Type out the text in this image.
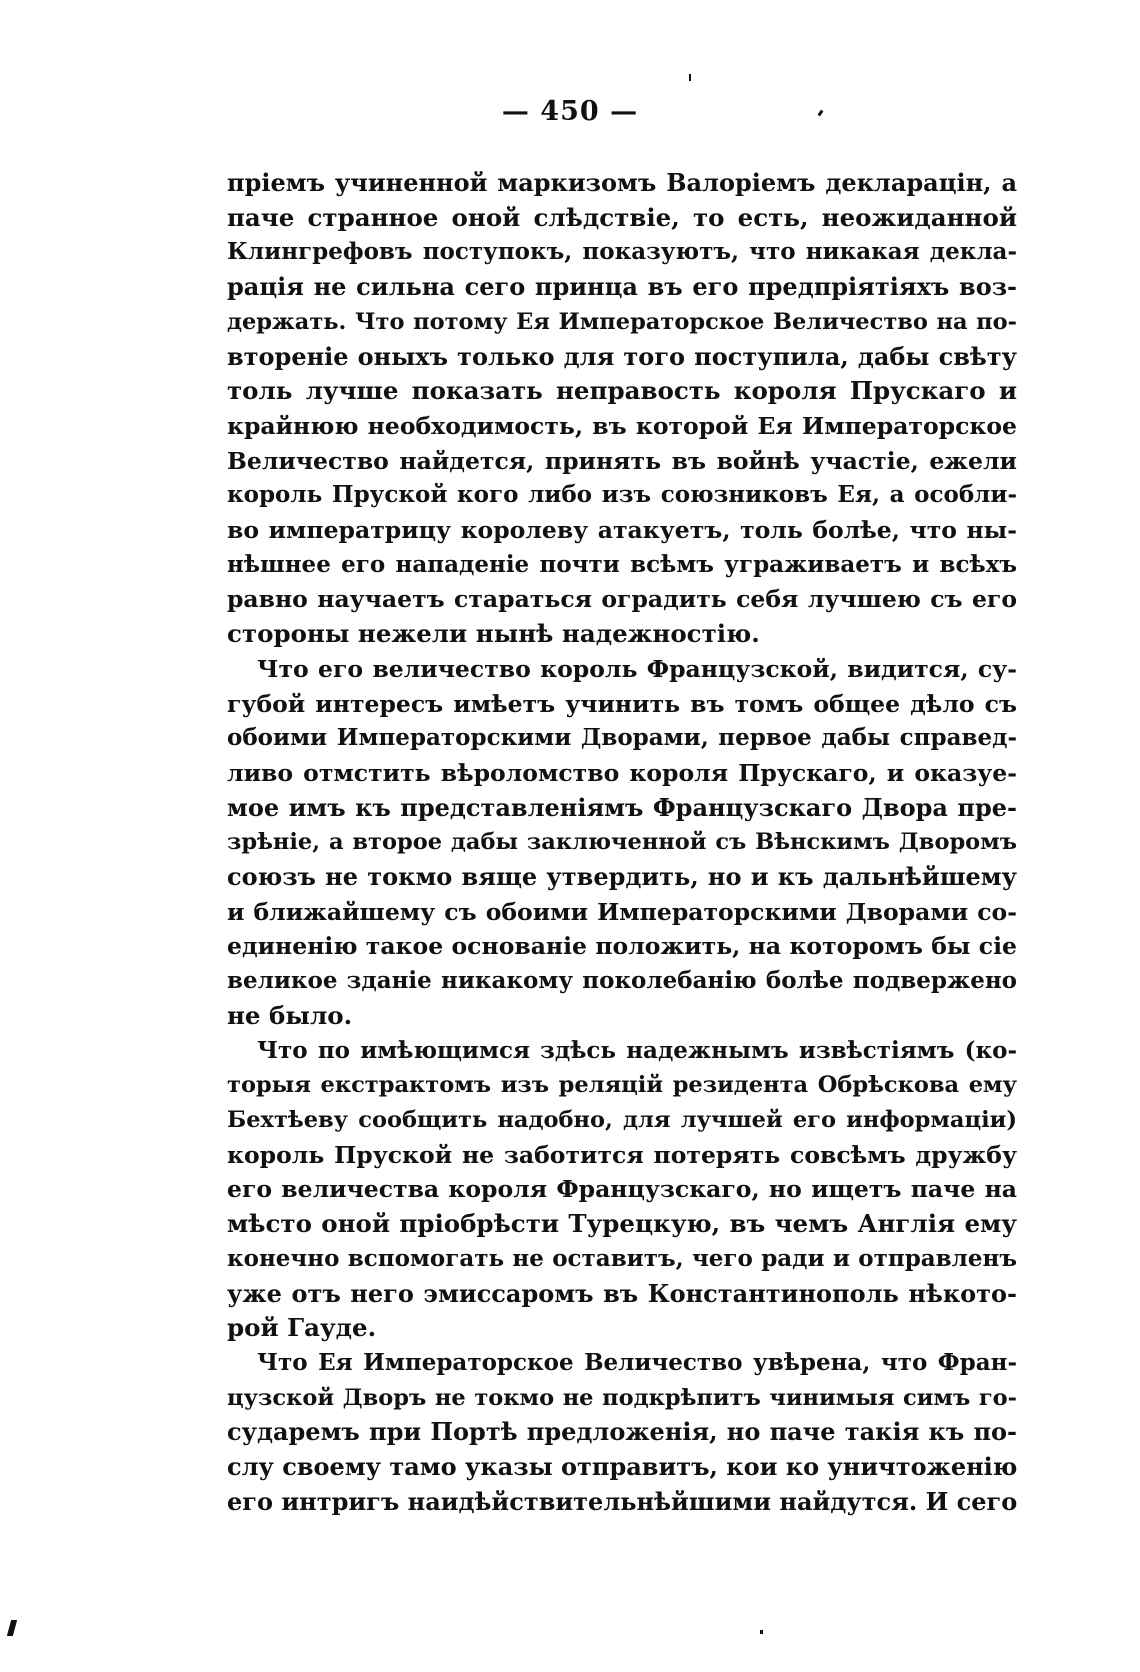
— 450 —
пріемъ учиненной маркизомъ Валоріемъ декларацін, а
паче странное оной слѣдствіе, то есть, неожиданной
Клингрефовъ поступокъ, показуютъ, что никакая декла-
рація не сильна сего принца въ его предпріятіяхъ воз-
держать. Что потому Ея Императорское Величество на по-
втореніе оныхъ только для того поступила, дабы свѣту
толь лучше показать неправость короля Прускаго и
крайнюю необходимость, въ которой Ея Императорское
Величество найдется, принять въ войнѣ участіе, ежели
король Пруской кого либо изъ союзниковъ Ея, а особли-
во императрицу королеву атакуетъ, толь болѣе, что ны-
нѣшнее его нападеніе почти всѣмъ уграживаетъ и всѣхъ
равно научаетъ стараться оградить себя лучшею съ его
стороны нежели нынѣ надежностію.
Что его величество король Французской, видится, су-
губой интересъ имѣетъ учинить въ томъ общее дѣло съ
обоими Императорскими Дворами, первое дабы справед-
ливо отмстить вѣроломство короля Прускаго, и оказуе-
мое имъ къ представленіямъ Французскаго Двора пре-
зрѣніе, а второе дабы заключенной съ Вѣнскимъ Дворомъ
союзъ не токмо вяще утвердить, но и къ дальнѣйшему
и ближайшему съ обоими Императорскими Дворами со-
единенію такое основаніе положить, на которомъ бы сіе
великое зданіе никакому поколебанію болѣе подвержено
не было.
Что по имѣющимся здѣсь надежнымъ извѣстіямъ (ко-
торыя екстрактомъ изъ реляцій резидента Обрѣскова ему
Бехтѣеву сообщить надобно, для лучшей его информаціи)
король Пруской не заботится потерять совсѣмъ дружбу
его величества короля Французскаго, но ищетъ паче на
мѣсто оной пріобрѣсти Турецкую, въ чемъ Англія ему
конечно вспомогать не оставитъ, чего ради и отправленъ
уже отъ него эмиссаромъ въ Константинополь нѣкото-
рой Гауде.
Что Ея Императорское Величество увѣрена, что Фран-
цузской Дворъ не токмо не подкрѣпитъ чинимыя симъ го-
сударемъ при Портѣ предложенія, но паче такія къ по-
слу своему тамо указы отправитъ, кои ко уничтоженію
его интригъ наидѣйствительнѣйшими найдутся. И сего
